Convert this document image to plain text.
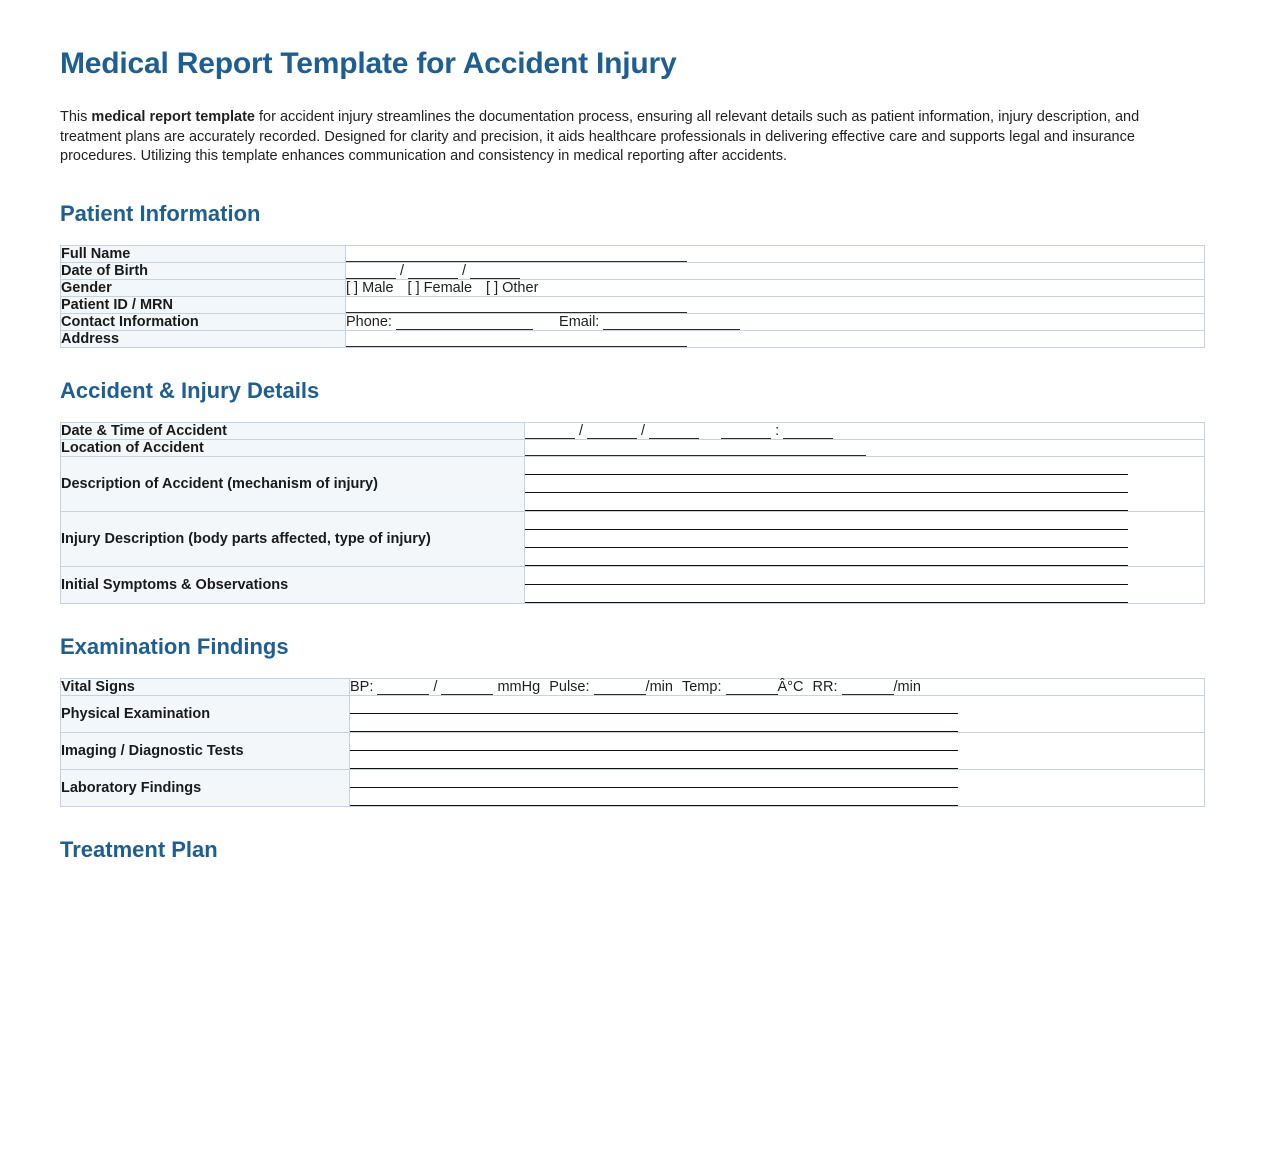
Medical Report Template for Accident Injury

This medical report template for accident injury streamlines the documentation process, ensuring all relevant details such as patient information, injury description, and treatment plans are accurately recorded. Designed for clarity and precision, it aids healthcare professionals in delivering effective care and supports legal and insurance procedures. Utilizing this template enhances communication and consistency in medical reporting after accidents.

Patient Information
Full Name	
Date of Birth	/ /
Gender	[ ] Male [ ] Female [ ] Other
Patient ID / MRN	
Contact Information	Phone: Email:
Address	
Accident & Injury Details
Date & Time of Accident	/ / :
Location of Accident	
Description of Accident (mechanism of injury)	

Injury Description (body parts affected, type of injury)	

Initial Symptoms & Observations	
Examination Findings
Vital Signs	BP: / mmHg Pulse: /min Temp: Â°C RR: /min
Physical Examination	

Imaging / Diagnostic Tests	

Laboratory Findings	
Treatment Plan
